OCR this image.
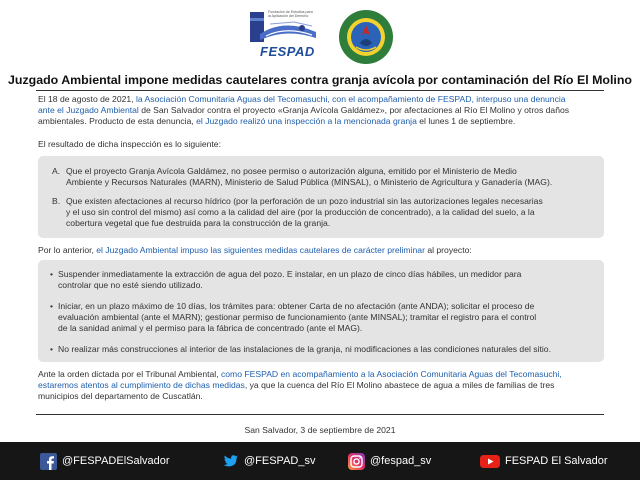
Fundación de Estudios para la Aplicación del Derecho
FESPAD
Juzgado Ambiental impone medidas cautelares contra granja avícola por contaminación del Río El Molino
El 18 de agosto de 2021, la Asociación Comunitaria Aguas del Tecomasuchi, con el acompañamiento de FESPAD, interpuso una denuncia
ante el Juzgado Ambiental de San Salvador contra el proyecto «Granja Avícola Galdámez», por afectaciones al Río El Molino y otros daños
ambientales. Producto de esta denuncia, el Juzgado realizó una inspección a la mencionada granja el lunes 1 de septiembre.
El resultado de dicha inspección es lo siguiente:
A. Que el proyecto Granja Avícola Galdámez, no posee permiso o autorización alguna, emitido por el Ministerio de Medio
Ambiente y Recursos Naturales (MARN), Ministerio de Salud Pública (MINSAL), o Ministerio de Agricultura y Ganadería (MAG).
B. Que existen afectaciones al recurso hídrico (por la perforación de un pozo industrial sin las autorizaciones legales necesarias
y el uso sin control del mismo) así como a la calidad del aire (por la producción de concentrado), a la calidad del suelo, a la
cobertura vegetal que fue destruida para la construcción de la granja.
Por lo anterior, el Juzgado Ambiental impuso las siguientes medidas cautelares de carácter preliminar al proyecto:
• Suspender inmediatamente la extracción de agua del pozo. E instalar, en un plazo de cinco días hábiles, un medidor para
controlar que no esté siendo utilizado.
• Iniciar, en un plazo máximo de 10 días, los trámites para: obtener Carta de no afectación (ante ANDA); solicitar el proceso de
evaluación ambiental (ante el MARN); gestionar permiso de funcionamiento (ante MINSAL); tramitar el registro para el control
de la sanidad animal y el permiso para la fábrica de concentrado (ante el MAG).
• No realizar más construcciones al interior de las instalaciones de la granja, ni modificaciones a las condiciones naturales del sitio.
Ante la orden dictada por el Tribunal Ambiental, como FESPAD en acompañamiento a la Asociación Comunitaria Aguas del Tecomasuchi,
estaremos atentos al cumplimiento de dichas medidas, ya que la cuenca del Río El Molino abastece de agua a miles de familias de tres
municipios del departamento de Cuscatlán.
San Salvador, 3 de septiembre de 2021
@FESPADElSalvador	@FESPAD_sv	@fespad_sv	FESPAD El Salvador
